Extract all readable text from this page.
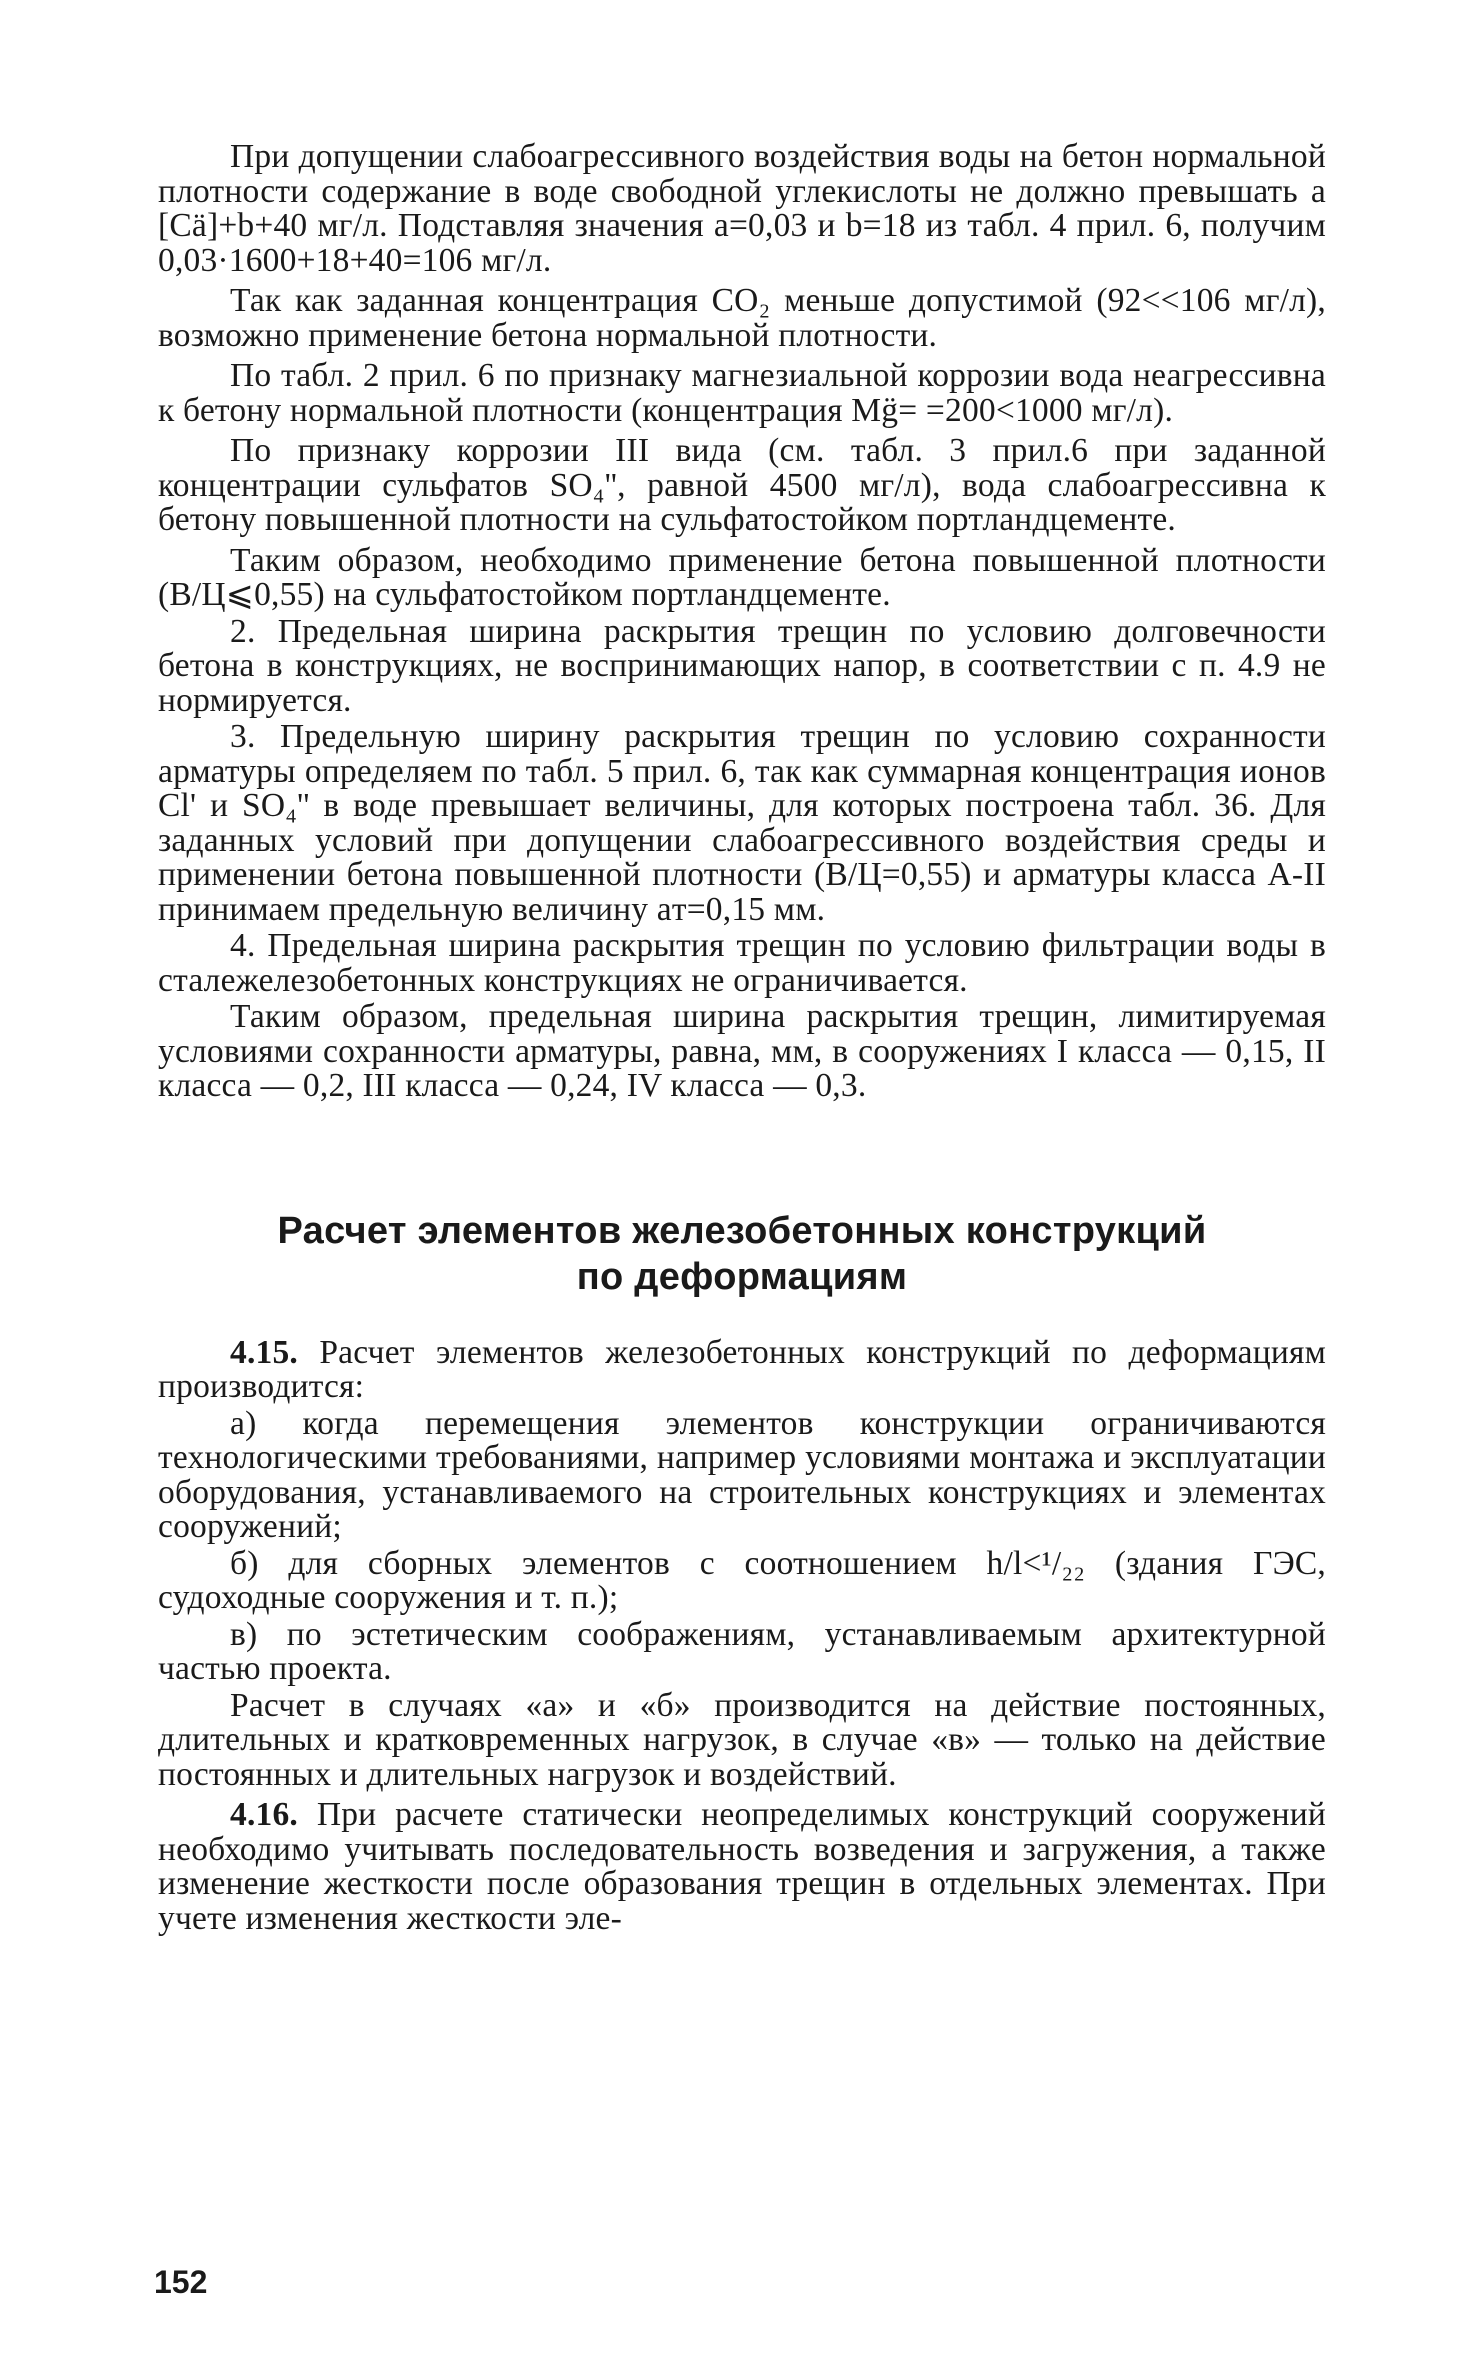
При допущении слабоагрессивного воздействия воды на бетон нормальной плотности содержание в воде свободной углекислоты не должно превышать a [Cä]+b+40 мг/л. Подставляя значения a=0,03 и b=18 из табл. 4 прил. 6, получим 0,03·1600+18+40=106 мг/л.

Так как заданная концентрация CO₂ меньше допустимой (92<<106 мг/л), возможно применение бетона нормальной плотности.

По табл. 2 прил. 6 по признаку магнезиальной коррозии вода неагрессивна к бетону нормальной плотности (концентрация Mg̈= =200<1000 мг/л).

По признаку коррозии III вида (см. табл. 3 прил.6 при заданной концентрации сульфатов SO₄'', равной 4500 мг/л), вода слабоагрессивна к бетону повышенной плотности на сульфатостойком портландцементе.

Таким образом, необходимо применение бетона повышенной плотности (В/Ц⩽0,55) на сульфатостойком портландцементе.

2. Предельная ширина раскрытия трещин по условию долговечности бетона в конструкциях, не воспринимающих напор, в соответствии с п. 4.9 не нормируется.

3. Предельную ширину раскрытия трещин по условию сохранности арматуры определяем по табл. 5 прил. 6, так как суммарная концентрация ионов Cl' и SO₄'' в воде превышает величины, для которых построена табл. 36. Для заданных условий при допущении слабоагрессивного воздействия среды и применении бетона повышенной плотности (В/Ц=0,55) и арматуры класса А-II принимаем предельную величину aт=0,15 мм.

4. Предельная ширина раскрытия трещин по условию фильтрации воды в сталежелезобетонных конструкциях не ограничивается.

Таким образом, предельная ширина раскрытия трещин, лимитируемая условиями сохранности арматуры, равна, мм, в сооружениях I класса — 0,15, II класса — 0,2, III класса — 0,24, IV класса — 0,3.

Расчет элементов железобетонных конструкций
по деформациям

4.15. Расчет элементов железобетонных конструкций по деформациям производится:

а) когда перемещения элементов конструкции ограничиваются технологическими требованиями, например условиями монтажа и эксплуатации оборудования, устанавливаемого на строительных конструкциях и элементах сооружений;

б) для сборных элементов с соотношением h/l<¹/₂₂ (здания ГЭС, судоходные сооружения и т. п.);

в) по эстетическим соображениям, устанавливаемым архитектурной частью проекта.

Расчет в случаях «а» и «б» производится на действие постоянных, длительных и кратковременных нагрузок, в случае «в» — только на действие постоянных и длительных нагрузок и воздействий.

4.16. При расчете статически неопределимых конструкций сооружений необходимо учитывать последовательность возведения и загружения, а также изменение жесткости после образования трещин в отдельных элементах. При учете изменения жесткости эле-

152
